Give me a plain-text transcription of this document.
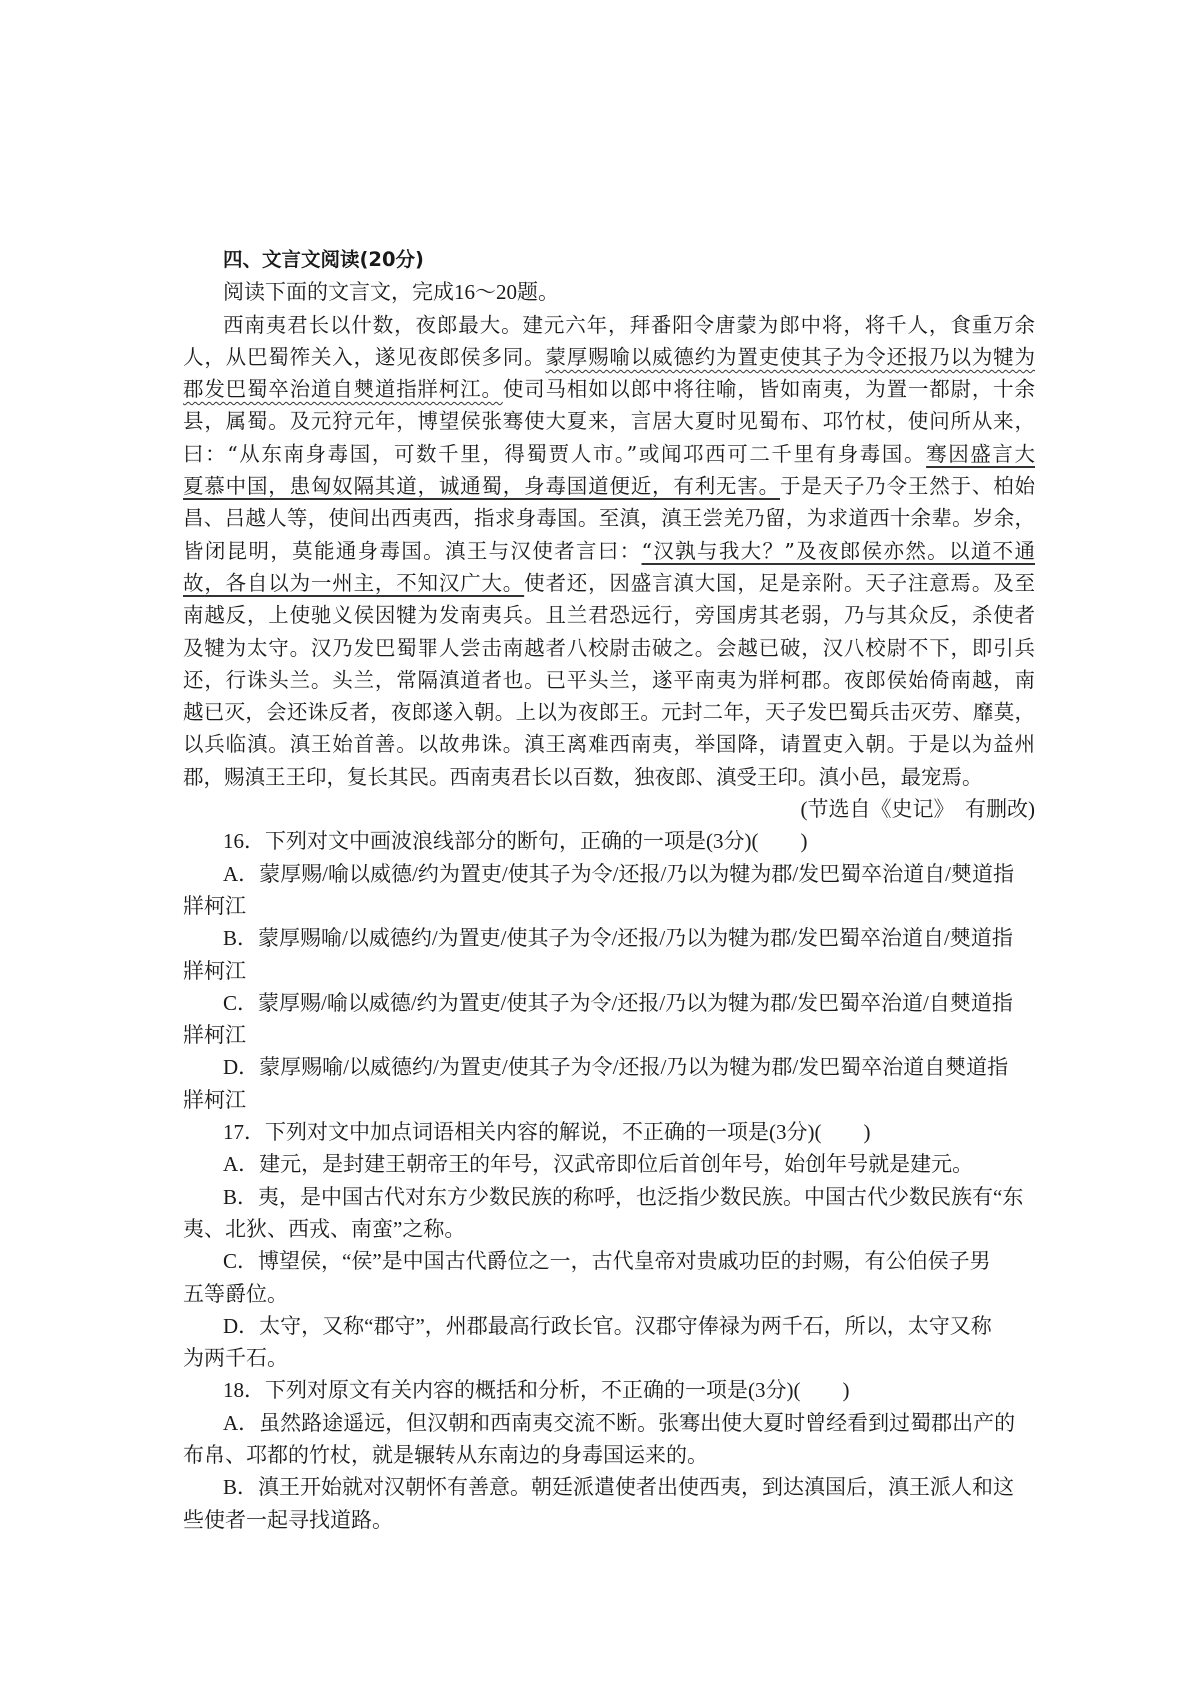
四、文言文阅读(20分)
阅读下面的文言文，完成16～20题。
西南夷君长以什数，夜郎最大。建元六年，拜番阳令唐蒙为郎中将，将千人，食重万余
人，从巴蜀筰关入，遂见夜郎侯多同。蒙厚赐喻以威德约为置吏使其子为令还报乃以为犍为
郡发巴蜀卒治道自僰道指牂柯江。使司马相如以郎中将往喻，皆如南夷，为置一都尉，十余
县，属蜀。及元狩元年，博望侯张骞使大夏来，言居大夏时见蜀布、邛竹杖，使问所从来，
曰：“从东南身毒国，可数千里，得蜀贾人市。”或闻邛西可二千里有身毒国。骞因盛言大
夏慕中国，患匈奴隔其道，诚通蜀，身毒国道便近，有利无害。于是天子乃令王然于、柏始
昌、吕越人等，使间出西夷西，指求身毒国。至滇，滇王尝羌乃留，为求道西十余辈。岁余，
皆闭昆明，莫能通身毒国。滇王与汉使者言曰：“汉孰与我大？”及夜郎侯亦然。以道不通
故，各自以为一州主，不知汉广大。使者还，因盛言滇大国，足是亲附。天子注意焉。及至
南越反，上使驰义侯因犍为发南夷兵。且兰君恐远行，旁国虏其老弱，乃与其众反，杀使者
及犍为太守。汉乃发巴蜀罪人尝击南越者八校尉击破之。会越已破，汉八校尉不下，即引兵
还，行诛头兰。头兰，常隔滇道者也。已平头兰，遂平南夷为牂柯郡。夜郎侯始倚南越，南
越已灭，会还诛反者，夜郎遂入朝。上以为夜郎王。元封二年，天子发巴蜀兵击灭劳、靡莫，
以兵临滇。滇王始首善。以故弗诛。滇王离难西南夷，举国降，请置吏入朝。于是以为益州
郡，赐滇王王印，复长其民。西南夷君长以百数，独夜郎、滇受王印。滇小邑，最宠焉。
(节选自《史记》　有删改)
16．下列对文中画波浪线部分的断句，正确的一项是(3分)(　　)
A．蒙厚赐/喻以威德/约为置吏/使其子为令/还报/乃以为犍为郡/发巴蜀卒治道自/僰道指
牂柯江
B．蒙厚赐喻/以威德约/为置吏/使其子为令/还报/乃以为犍为郡/发巴蜀卒治道自/僰道指
牂柯江
C．蒙厚赐/喻以威德/约为置吏/使其子为令/还报/乃以为犍为郡/发巴蜀卒治道/自僰道指
牂柯江
D．蒙厚赐喻/以威德约/为置吏/使其子为令/还报/乃以为犍为郡/发巴蜀卒治道自僰道指
牂柯江
17．下列对文中加点词语相关内容的解说，不正确的一项是(3分)(　　)
A．建元，是封建王朝帝王的年号，汉武帝即位后首创年号，始创年号就是建元。
B．夷，是中国古代对东方少数民族的称呼，也泛指少数民族。中国古代少数民族有“东
夷、北狄、西戎、南蛮”之称。
C．博望侯，“侯”是中国古代爵位之一，古代皇帝对贵戚功臣的封赐，有公伯侯子男
五等爵位。
D．太守，又称“郡守”，州郡最高行政长官。汉郡守俸禄为两千石，所以，太守又称
为两千石。
18．下列对原文有关内容的概括和分析，不正确的一项是(3分)(　　)
A．虽然路途遥远，但汉朝和西南夷交流不断。张骞出使大夏时曾经看到过蜀郡出产的
布帛、邛都的竹杖，就是辗转从东南边的身毒国运来的。
B．滇王开始就对汉朝怀有善意。朝廷派遣使者出使西夷，到达滇国后，滇王派人和这
些使者一起寻找道路。
